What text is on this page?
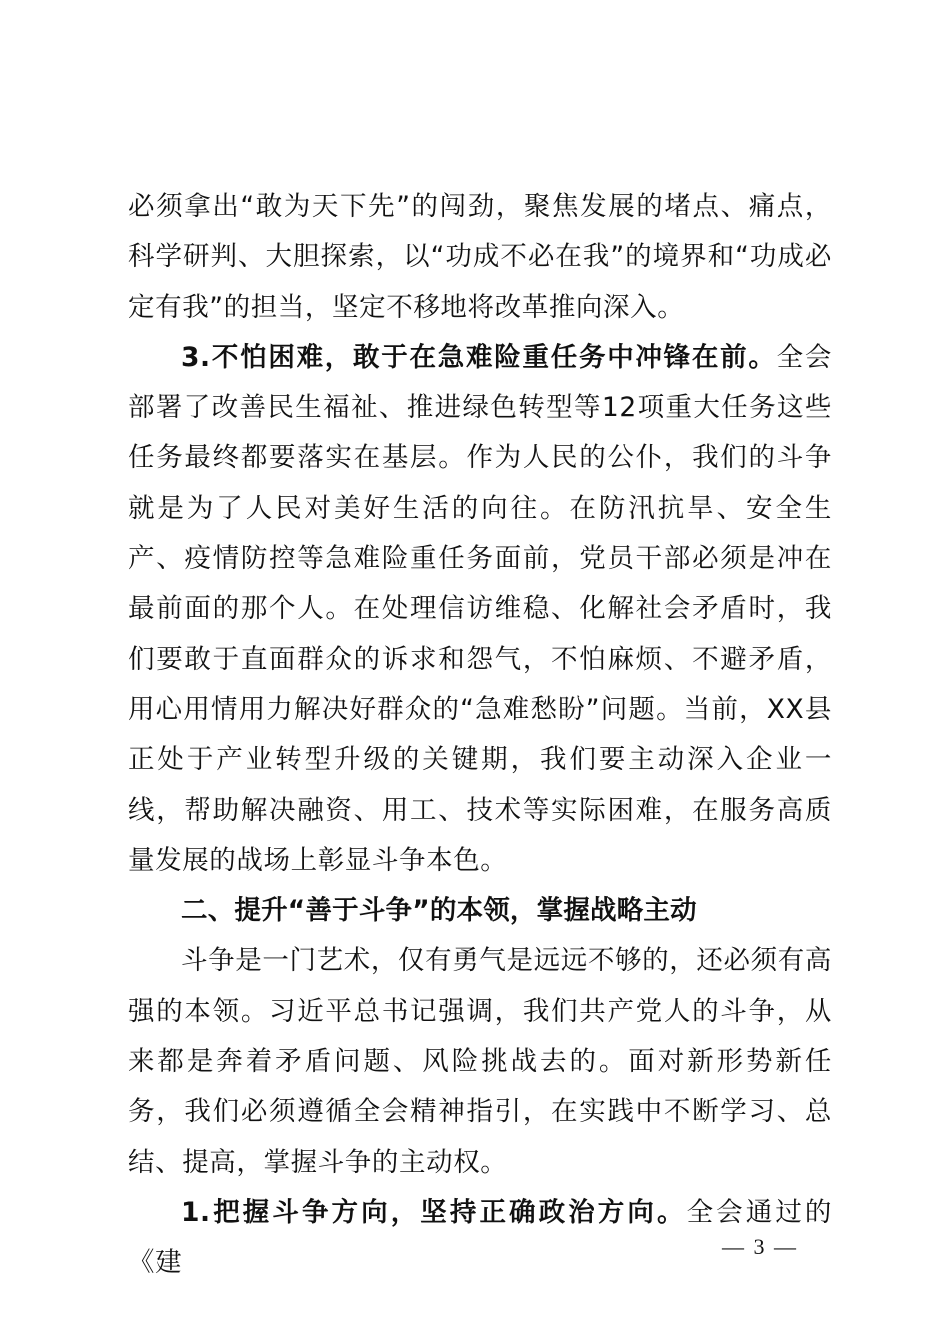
必须拿出“敢为天下先”的闯劲，聚焦发展的堵点、痛点，科学研判、大胆探索，以“功成不必在我”的境界和“功成必定有我”的担当，坚定不移地将改革推向深入。

3.不怕困难，敢于在急难险重任务中冲锋在前。全会部署了改善民生福祉、推进绿色转型等12项重大任务这些任务最终都要落实在基层。作为人民的公仆，我们的斗争就是为了人民对美好生活的向往。在防汛抗旱、安全生产、疫情防控等急难险重任务面前，党员干部必须是冲在最前面的那个人。在处理信访维稳、化解社会矛盾时，我们要敢于直面群众的诉求和怨气，不怕麻烦、不避矛盾，用心用情用力解决好群众的“急难愁盼”问题。当前，XX县正处于产业转型升级的关键期，我们要主动深入企业一线，帮助解决融资、用工、技术等实际困难，在服务高质量发展的战场上彰显斗争本色。

二、提升“善于斗争”的本领，掌握战略主动

斗争是一门艺术，仅有勇气是远远不够的，还必须有高强的本领。习近平总书记强调，我们共产党人的斗争，从来都是奔着矛盾问题、风险挑战去的。面对新形势新任务，我们必须遵循全会精神指引，在实践中不断学习、总结、提高，掌握斗争的主动权。

1.把握斗争方向，坚持正确政治方向。全会通过的《建

— 3 —
